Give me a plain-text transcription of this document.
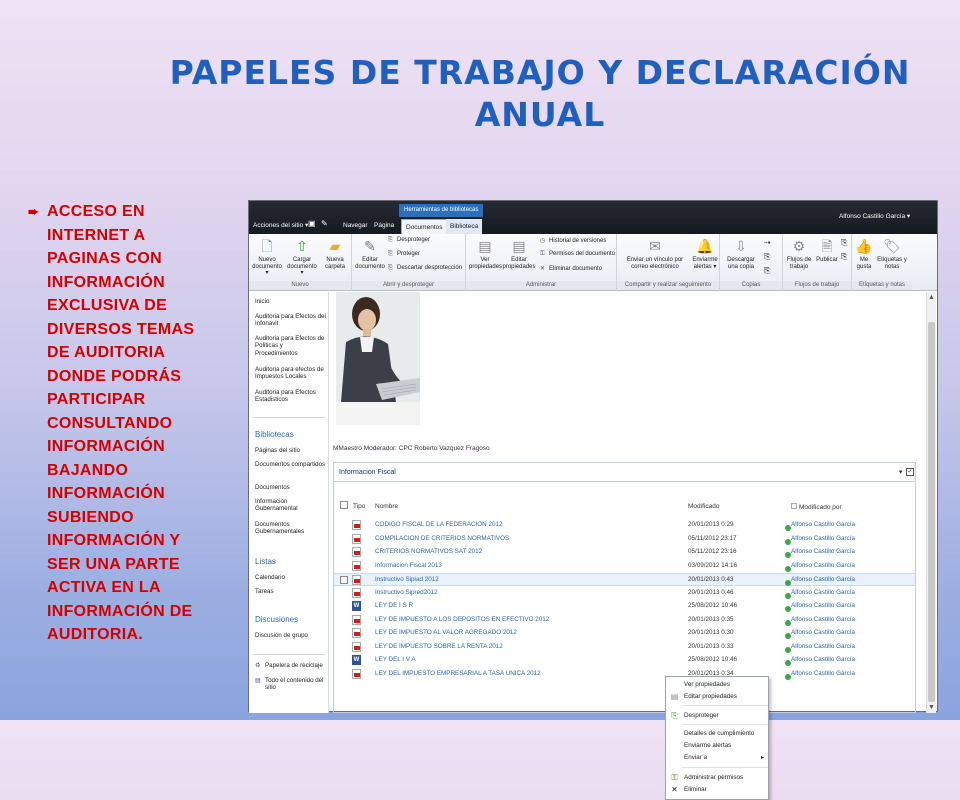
PAPELES DE TRABAJO Y DECLARACIÓN
ANUAL
➨ ACCESO EN
INTERNET A
PAGINAS CON
INFORMACIÓN
EXCLUSIVA DE
DIVERSOS TEMAS
DE AUDITORIA
DONDE PODRÁS
PARTICIPAR
CONSULTANDO
INFORMACIÓN
BAJANDO
INFORMACIÓN
SUBIENDO
INFORMACIÓN Y
SER UNA PARTE
ACTIVA EN LA
INFORMACIÓN DE
AUDITORIA.
Acciones del sitio ▾ ▣ ✎ Navegar Página
Herramientas de bibliotecas
Documentos	Biblioteca
Alfonso Castillo García ▾
🗋
Nuevo documento ▾
⇧
Cargar documento ▾
▰
Nueva carpeta
Nuevo
✎
Editar documento
⎘ Desproteger
⎘ Proteger
⎘ Descartar desprotección
Abrir y desproteger
▤
Ver propiedades
▤
Editar propiedades
◷ Historial de versiones
⚿ Permisos del documento
✕ Eliminar documento
Administrar
✉
Enviar un vínculo por correo electrónico
🔔
Enviarme alertas ▾
Compartir y realizar seguimiento
⇩
Descargar una copia
⇢
⎘
⎘
Copias
⚙
Flujos de trabajo
🗎
Publicar
⎘
⎘
Flujos de trabajo
👍
Me gusta
🏷
Etiquetas y notas
Etiquetas y notas
Inicio
Auditoria para Efectos del Infonavit
Auditoria para Efectos de Politicas y Procedimientos
Auditoria para efectos de Impuestos Locales
Auditoria para Efectos Estadisticos
Bibliotecas
Páginas del sitio
Documentos compartidos
Documentos
Informacion Gubernamental
Documentos Gubernamentales
Listas
Calendario
Tareas
Discusiones
Discusión de grupo
♻ Papelera de reciclaje
▤ Todo el contenido del sitio
MMaestro Moderador: CPC Roberto Vazquez Fragoso
Informacion Fiscal	▾ ✓
Tipo Nombre	Modificado	Modificado por
CODIGO FISCAL DE LA FEDERACION 2012	20/01/2013 0:29	Alfonso Castillo García
COMPILACION DE CRITERIOS NORMATIVOS	05/11/2012 23:17	Alfonso Castillo García
CRITERIOS NORMATIVOS SAT 2012	05/11/2012 23:16	Alfonso Castillo García
Informacion Fiscal 2013	03/09/2012 14:16	Alfonso Castillo García
Instructivo Sipiad 2012	20/01/2013 0:43	Alfonso Castillo García
Instructivo Sipred2012	20/01/2013 0:46	Alfonso Castillo García
W
LEY DE I S R	25/08/2012 10:46	Alfonso Castillo García
LEY DE IMPUESTO A LOS DEPOSITOS EN EFECTIVO 2012	20/01/2013 0:35	Alfonso Castillo García
LEY DE IMPUESTO AL VALOR AGREGADO 2012	20/01/2013 0:30	Alfonso Castillo García
LEY DE IMPUESTO SOBRE LA RENTA 2012	20/01/2013 0:33	Alfonso Castillo García
W
LEY DEL I V A	25/08/2012 10:46	Alfonso Castillo García
LEY DEL IMPUESTO EMPRESARIAL A TASA UNICA 2012	20/01/2013 0:34	Alfonso Castillo García
Ver propiedades
▤ Editar propiedades
⎘ Desproteger
Detalles de cumplimiento
Enviarme alertas
Enviar a	▸
⚿ Administrar permisos
✕ Eliminar
▲
▼
